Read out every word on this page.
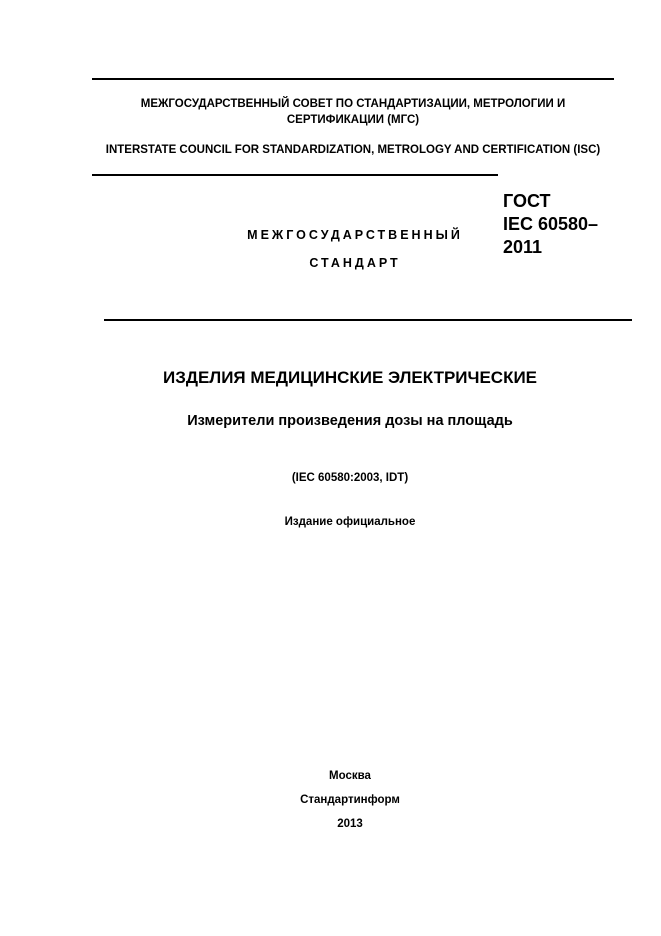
МЕЖГОСУДАРСТВЕННЫЙ СОВЕТ ПО СТАНДАРТИЗАЦИИ, МЕТРОЛОГИИ И СЕРТИФИКАЦИИ (МГС)
INTERSTATE COUNCIL FOR STANDARDIZATION, METROLOGY AND CERTIFICATION (ISC)
МЕЖГОСУДАРСТВЕННЫЙ
СТАНДАРТ
ГОСТ
IEC 60580–
2011
ИЗДЕЛИЯ МЕДИЦИНСКИЕ ЭЛЕКТРИЧЕСКИЕ
Измерители произведения дозы на площадь
(IEC 60580:2003, IDT)
Издание официальное
Москва
Стандартинформ
2013
